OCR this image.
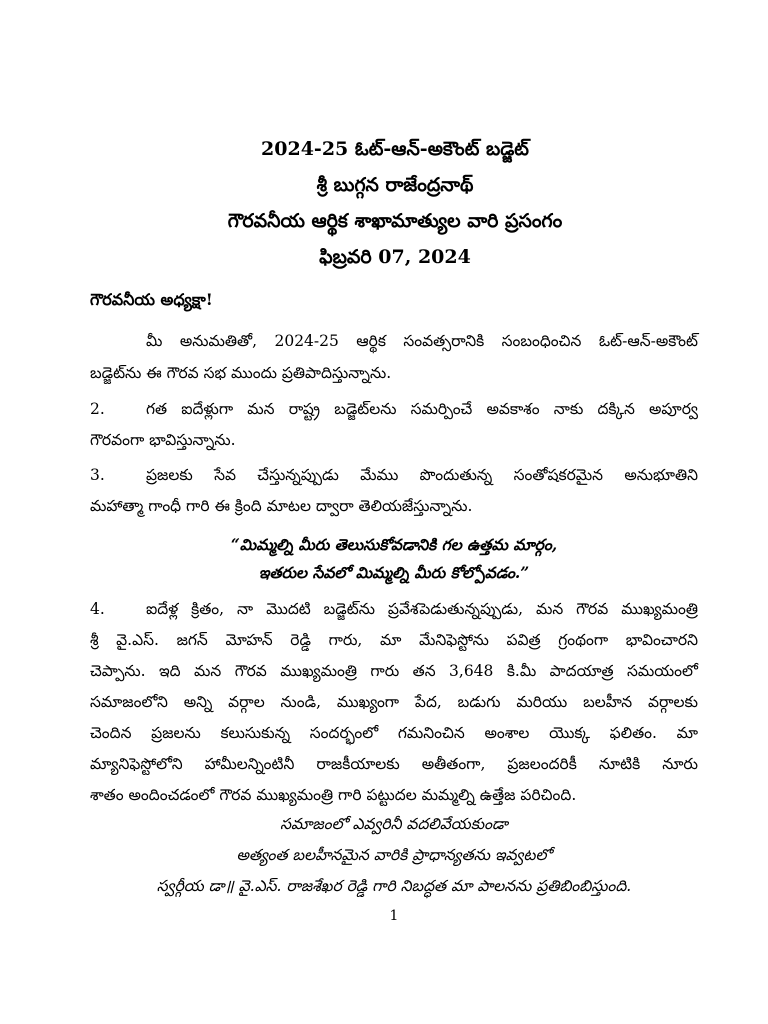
2024-25 ఓట్-ఆన్-అకౌంట్ బడ్జెట్
శ్రీ బుగ్గన రాజేంద్రనాథ్
గౌరవనీయ ఆర్థిక శాఖామాత్యుల వారి ప్రసంగం
ఫిబ్రవరి 07, 2024
గౌరవనీయ అధ్యక్షా!
మీ అనుమతితో, 2024-25 ఆర్థిక సంవత్సరానికి సంబంధించిన ఓట్-ఆన్-అకౌంట్
బడ్జెట్‌ను ఈ గౌరవ సభ ముందు ప్రతిపాదిస్తున్నాను.
2.	గత ఐదేళ్లుగా మన రాష్ట్ర బడ్జెట్‌లను సమర్పించే అవకాశం నాకు దక్కిన అపూర్వ
గౌరవంగా భావిస్తున్నాను.
3.	ప్రజలకు సేవ చేస్తున్నప్పుడు మేము పొందుతున్న సంతోషకరమైన అనుభూతిని
మహాత్మా గాంధీ గారి ఈ క్రింది మాటల ద్వారా తెలియజేస్తున్నాను.
“మిమ్మల్ని మీరు తెలుసుకోవడానికి గల ఉత్తమ మార్గం,
ఇతరుల సేవలో మిమ్మల్ని మీరు కోల్పోవడం.”
4.	ఐదేళ్ల క్రితం, నా మొదటి బడ్జెట్‌ను ప్రవేశపెడుతున్నప్పుడు, మన గౌరవ ముఖ్యమంత్రి
శ్రీ వై.ఎస్. జగన్ మోహన్ రెడ్డి గారు, మా మేనిఫెస్టోను పవిత్ర గ్రంథంగా భావించారని
చెప్పాను. ఇది మన గౌరవ ముఖ్యమంత్రి గారు తన 3,648 కి.మీ పాదయాత్ర సమయంలో
సమాజంలోని అన్ని వర్గాల నుండి, ముఖ్యంగా పేద, బడుగు మరియు బలహీన వర్గాలకు
చెందిన ప్రజలను కలుసుకున్న సందర్భంలో గమనించిన అంశాల యొక్క ఫలితం. మా
మ్యానిఫెస్టోలోని హామీలన్నింటినీ రాజకీయాలకు అతీతంగా, ప్రజలందరికీ నూటికి నూరు
శాతం అందించడంలో గౌరవ ముఖ్యమంత్రి గారి పట్టుదల మమ్మల్ని ఉత్తేజ పరిచింది.
సమాజంలో ఎవ్వరినీ వదలివేయకుండా
అత్యంత బలహీనమైన వారికి ప్రాధాన్యతను ఇవ్వటలో
స్వర్గీయ డా॥ వై.ఎస్. రాజశేఖర రెడ్డి గారి నిబద్ధత మా పాలనను ప్రతిబింబిస్తుంది.
1
